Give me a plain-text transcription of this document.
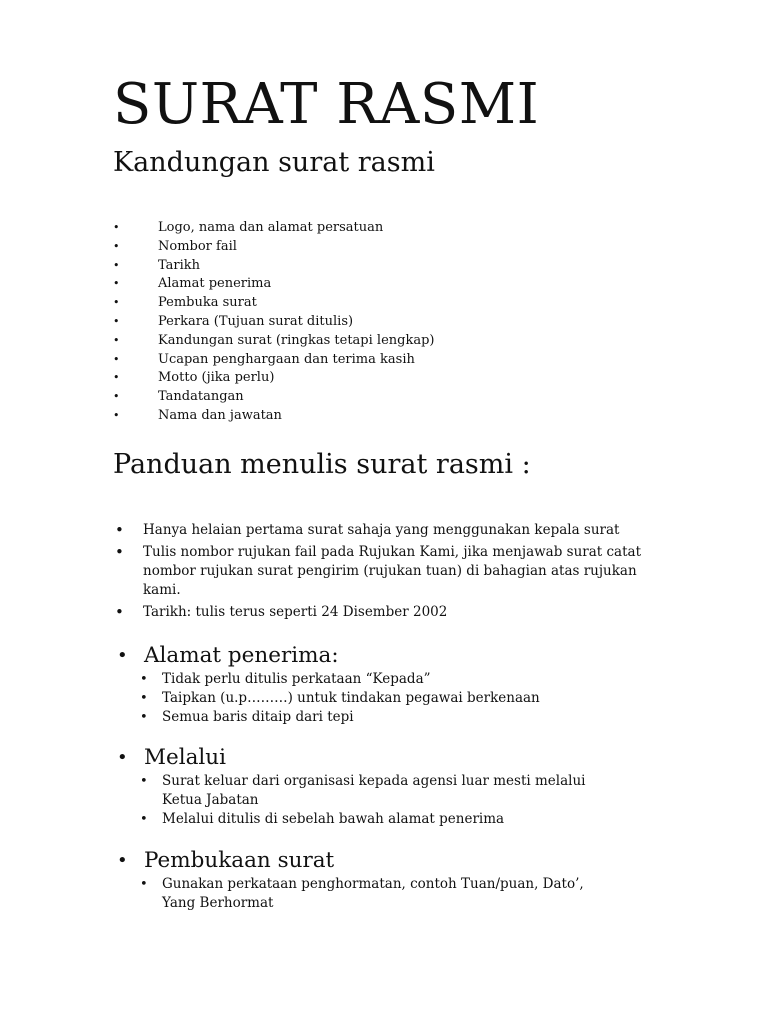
SURAT RASMI
Kandungan surat rasmi
•	Logo, nama dan alamat persatuan
•	Nombor fail
•	Tarikh
•	Alamat penerima
•	Pembuka surat
•	Perkara (Tujuan surat ditulis)
•	Kandungan surat (ringkas tetapi lengkap)
•	Ucapan penghargaan dan terima kasih
•	Motto (jika perlu)
•	Tandatangan
•	Nama dan jawatan
Panduan menulis surat rasmi :
• Hanya helaian pertama surat sahaja yang menggunakan kepala surat
• Tulis nombor rujukan fail pada Rujukan Kami, jika menjawab surat catat nombor rujukan surat pengirim (rujukan tuan) di bahagian atas rujukan kami.
• Tarikh: tulis terus seperti 24 Disember 2002
• Alamat penerima:
• Tidak perlu ditulis perkataan “Kepada”
• Taipkan (u.p………) untuk tindakan pegawai berkenaan
• Semua baris ditaip dari tepi
• Melalui
• Surat keluar dari organisasi kepada agensi luar mesti melalui Ketua Jabatan
• Melalui ditulis di sebelah bawah alamat penerima
• Pembukaan surat
• Gunakan perkataan penghormatan, contoh Tuan/puan, Dato’, Yang Berhormat
